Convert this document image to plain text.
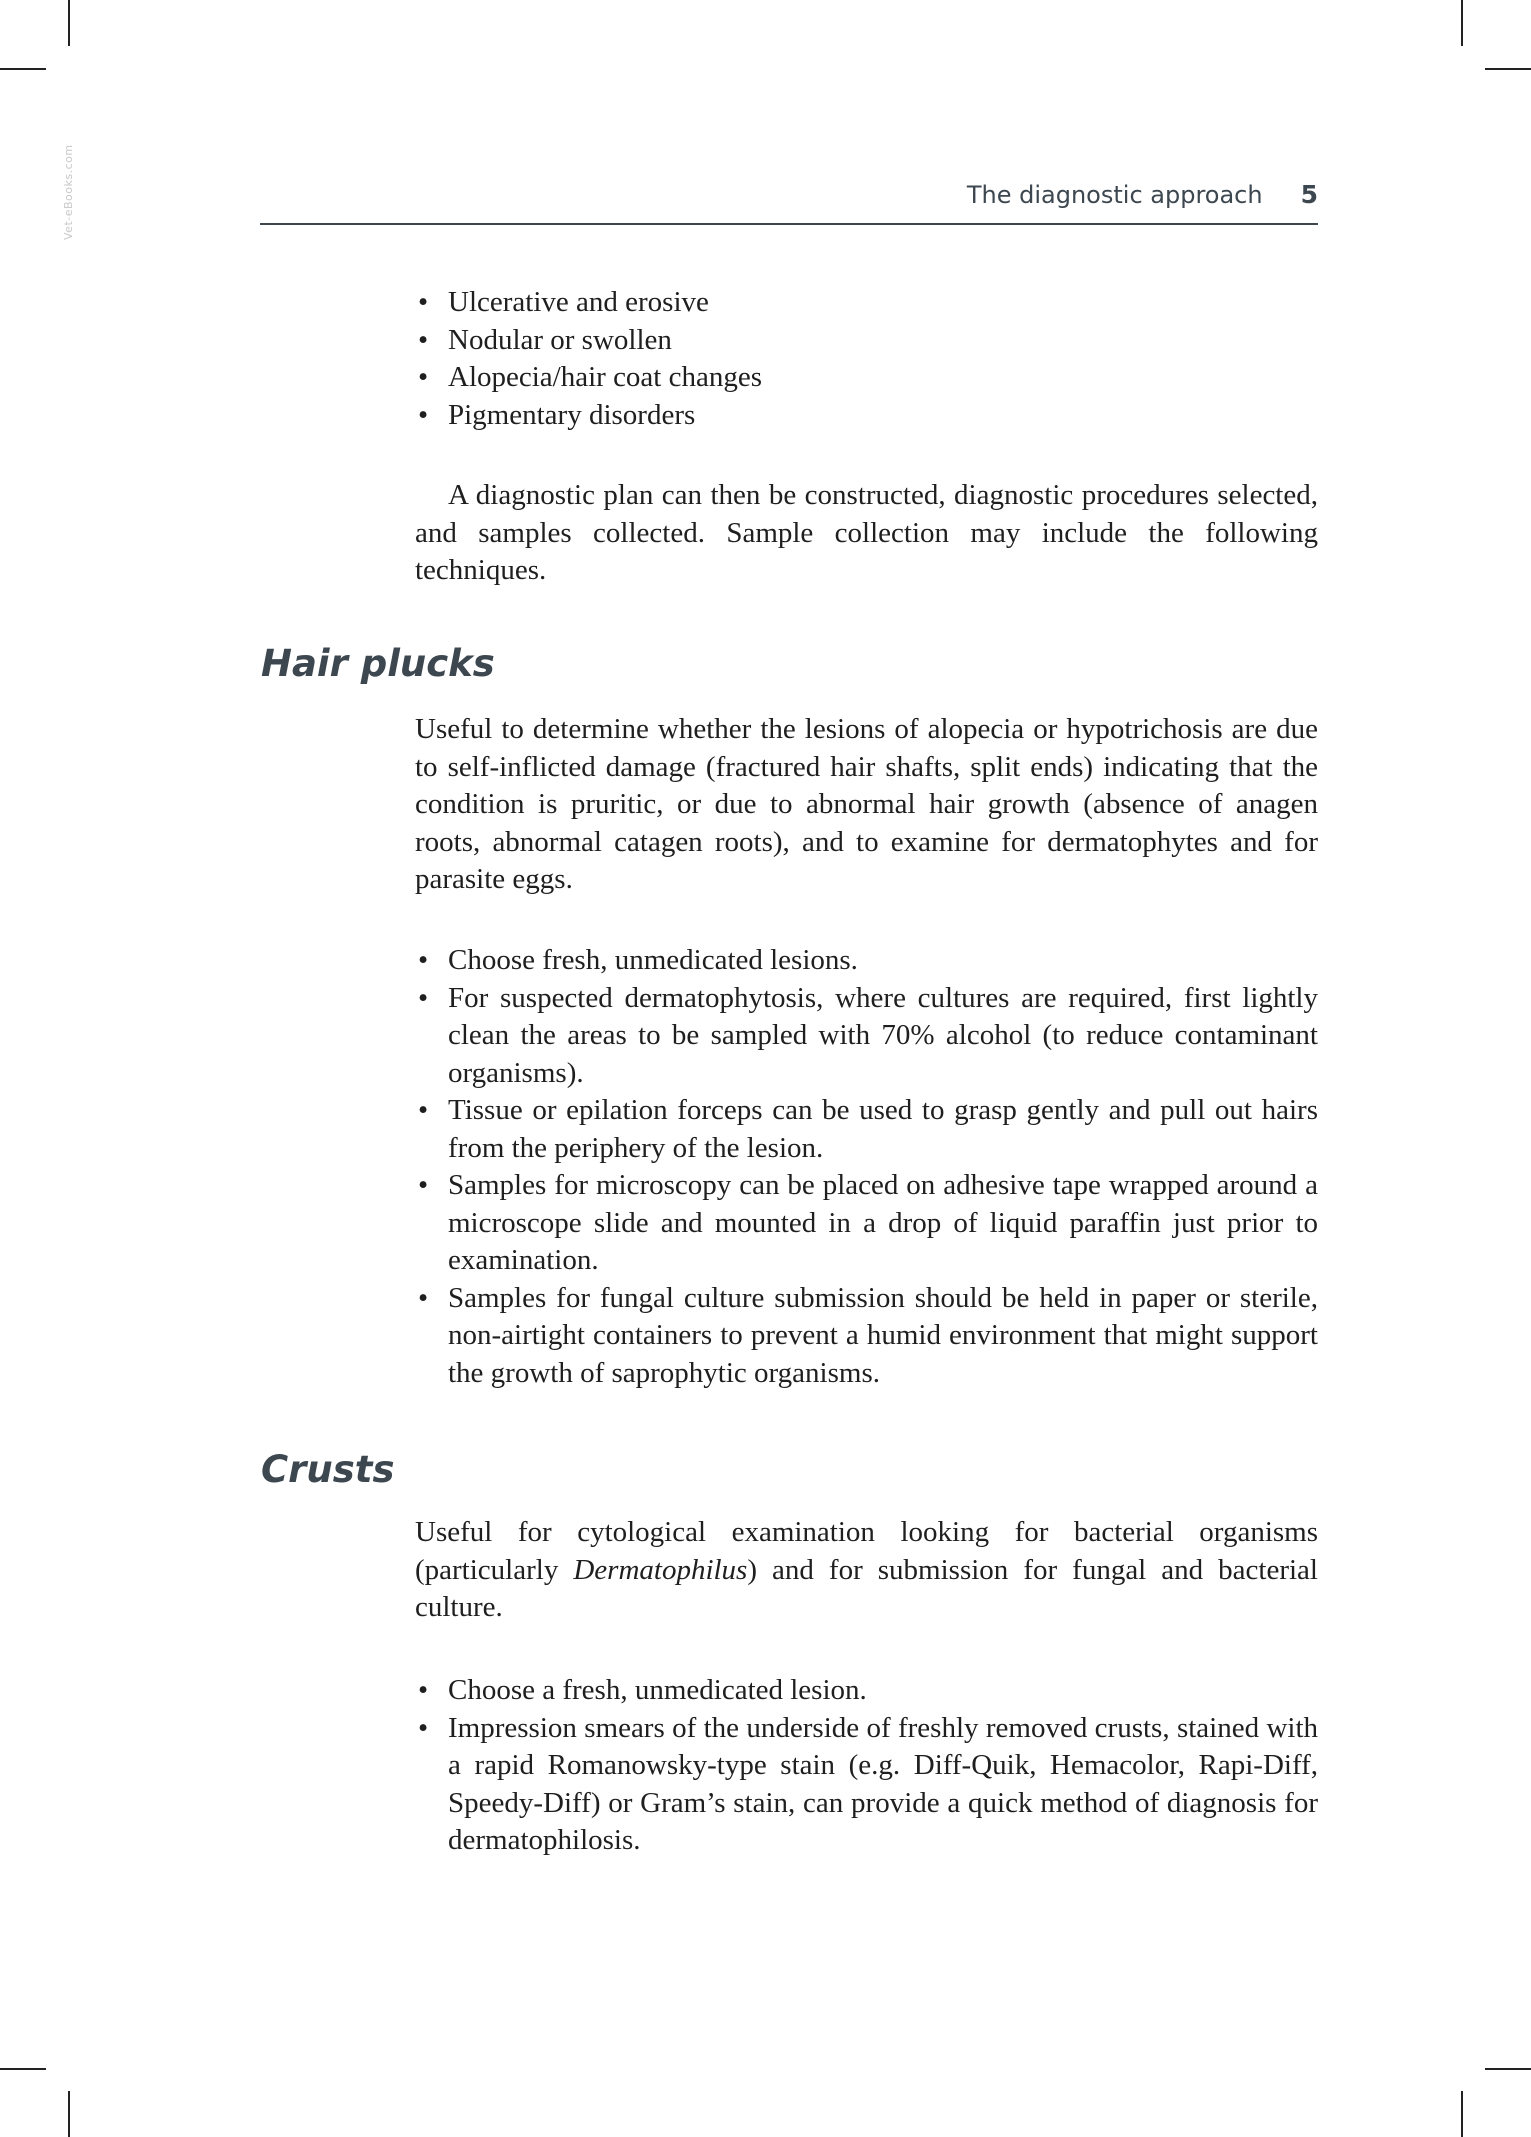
Vet-eBooks.com	The diagnostic approach 5
• Ulcerative and erosive
• Nodular or swollen
• Alopecia/hair coat changes
• Pigmentary disorders

A diagnostic plan can then be constructed, diagnostic procedures selected, and samples collected. Sample collection may include the following techniques.

Hair plucks

Useful to determine whether the lesions of alopecia or hypotrichosis are due to self-inflicted damage (fractured hair shafts, split ends) indicating that the condition is pruritic, or due to abnormal hair growth (absence of anagen roots, abnormal catagen roots), and to examine for dermatophytes and for parasite eggs.

• Choose fresh, unmedicated lesions.
• For suspected dermatophytosis, where cultures are required, first lightly clean the areas to be sampled with 70% alcohol (to reduce contaminant organisms).
• Tissue or epilation forceps can be used to grasp gently and pull out hairs from the periphery of the lesion.
• Samples for microscopy can be placed on adhesive tape wrapped around a microscope slide and mounted in a drop of liquid paraffin just prior to examination.
• Samples for fungal culture submission should be held in paper or sterile, non-airtight containers to prevent a humid environment that might support the growth of saprophytic organisms.
Crusts

Useful for cytological examination looking for bacterial organisms (particularly Dermatophilus) and for submission for fungal and bacterial culture.

• Choose a fresh, unmedicated lesion.
• Impression smears of the underside of freshly removed crusts, stained with a rapid Romanowsky-type stain (e.g. Diff-Quik, Hemacolor, Rapi-Diff, Speedy-Diff) or Gram’s stain, can provide a quick method of diagnosis for dermatophilosis.
